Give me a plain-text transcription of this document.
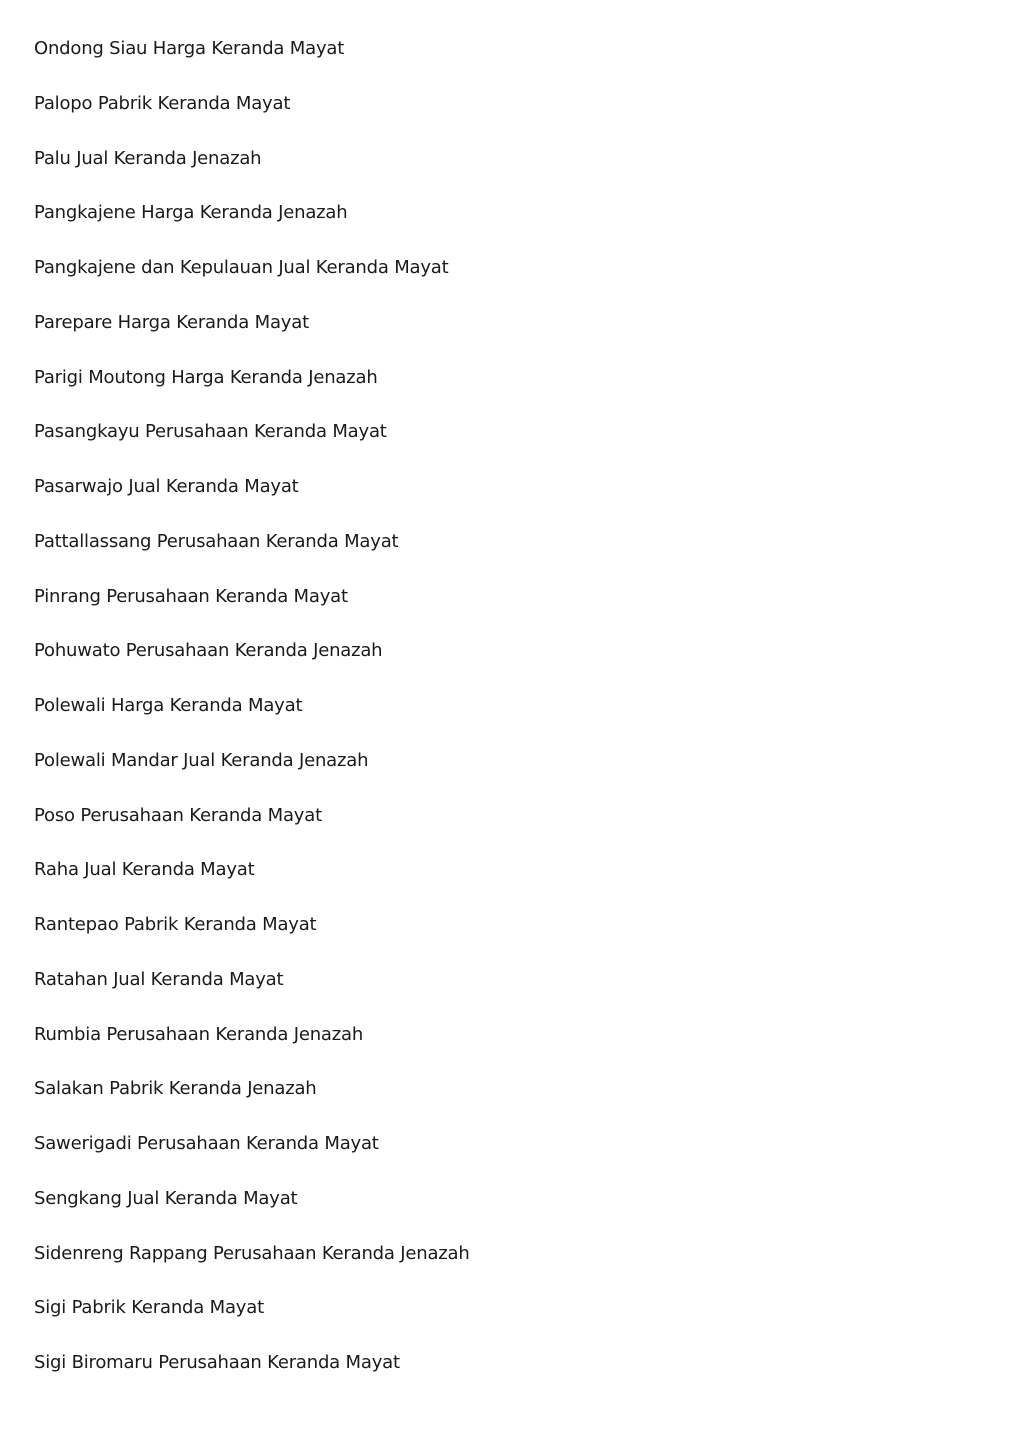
Ondong Siau Harga Keranda Mayat
Palopo Pabrik Keranda Mayat
Palu Jual Keranda Jenazah
Pangkajene Harga Keranda Jenazah
Pangkajene dan Kepulauan Jual Keranda Mayat
Parepare Harga Keranda Mayat
Parigi Moutong Harga Keranda Jenazah
Pasangkayu Perusahaan Keranda Mayat
Pasarwajo Jual Keranda Mayat
Pattallassang Perusahaan Keranda Mayat
Pinrang Perusahaan Keranda Mayat
Pohuwato Perusahaan Keranda Jenazah
Polewali Harga Keranda Mayat
Polewali Mandar Jual Keranda Jenazah
Poso Perusahaan Keranda Mayat
Raha Jual Keranda Mayat
Rantepao Pabrik Keranda Mayat
Ratahan Jual Keranda Mayat
Rumbia Perusahaan Keranda Jenazah
Salakan Pabrik Keranda Jenazah
Sawerigadi Perusahaan Keranda Mayat
Sengkang Jual Keranda Mayat
Sidenreng Rappang Perusahaan Keranda Jenazah
Sigi Pabrik Keranda Mayat
Sigi Biromaru Perusahaan Keranda Mayat
